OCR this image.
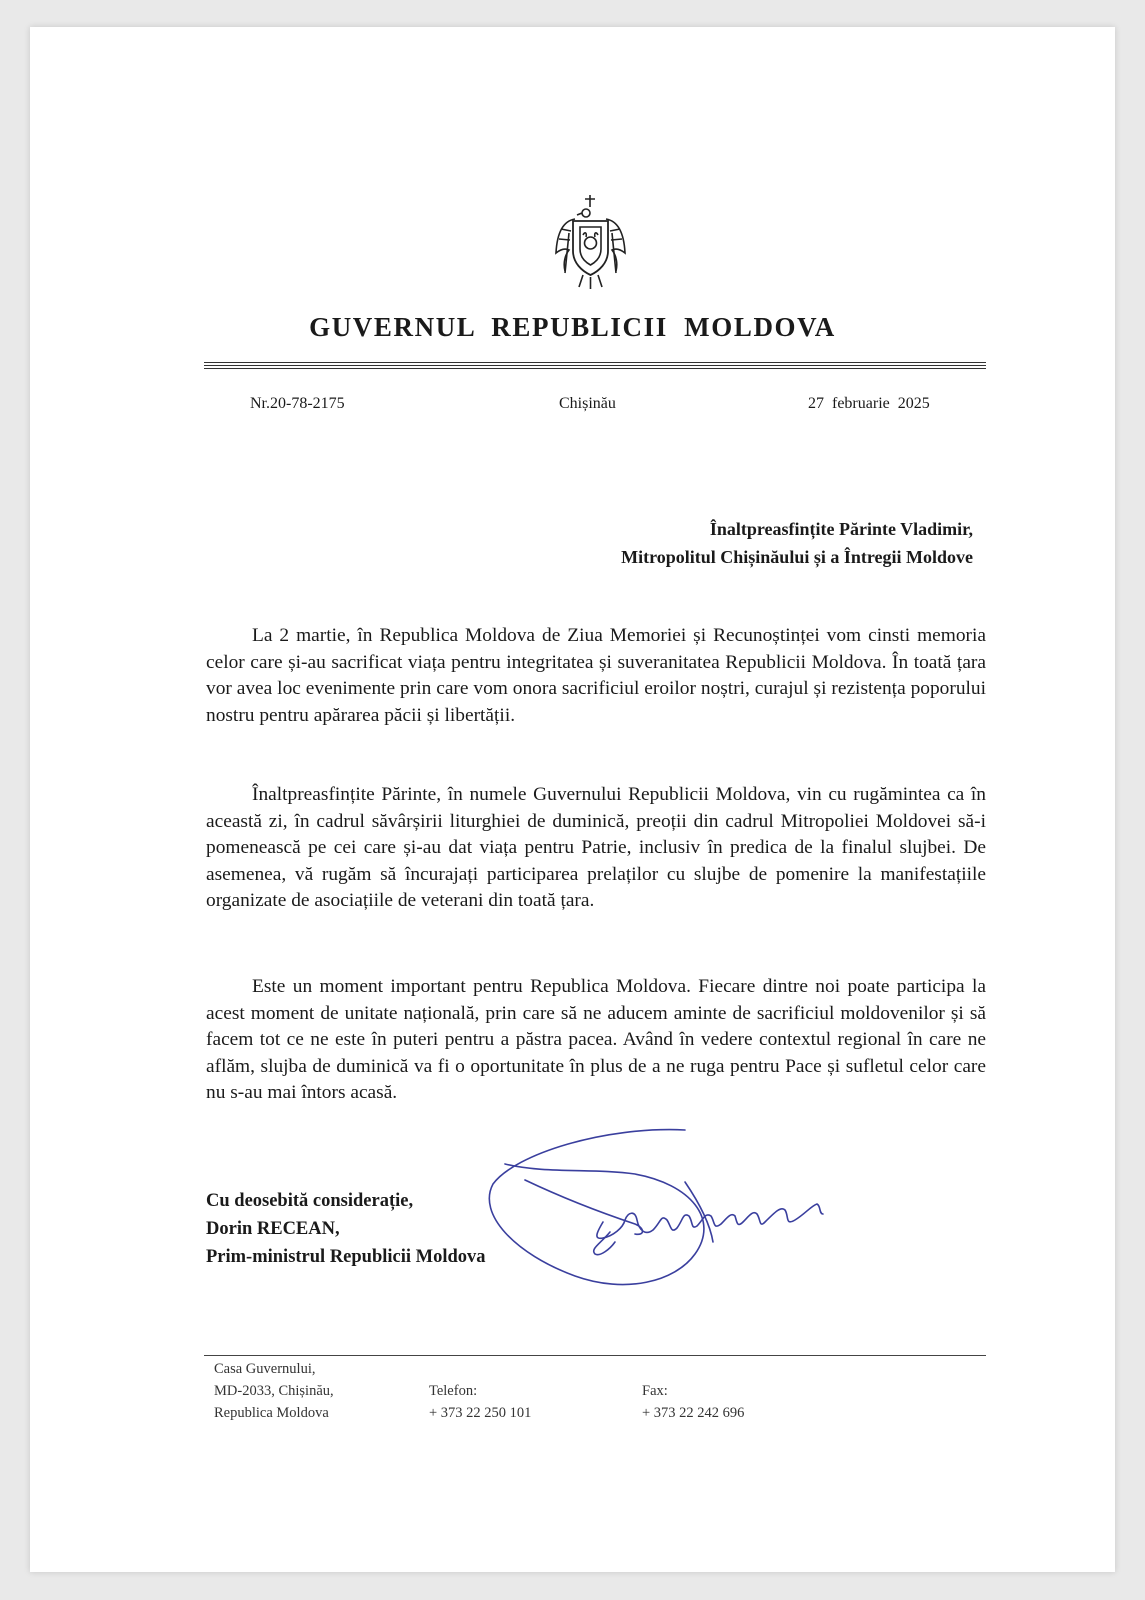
GUVERNUL REPUBLICII MOLDOVA
Nr.20-78-2175	Chișinău	27 februarie 2025
Înaltpreasfințite Părinte Vladimir,
Mitropolitul Chișinăului și a Întregii Moldove

La 2 martie, în Republica Moldova de Ziua Memoriei și Recunoștinței vom cinsti memoria celor care și-au sacrificat viața pentru integritatea și suveranitatea Republicii Moldova. În toată țara vor avea loc evenimente prin care vom onora sacrificiul eroilor noștri, curajul și rezistența poporului nostru pentru apărarea păcii și libertății.

Înaltpreasfințite Părinte, în numele Guvernului Republicii Moldova, vin cu rugămintea ca în această zi, în cadrul săvârșirii liturghiei de duminică, preoții din cadrul Mitropoliei Moldovei să-i pomenească pe cei care și-au dat viața pentru Patrie, inclusiv în predica de la finalul slujbei. De asemenea, vă rugăm să încurajați participarea prelaților cu slujbe de pomenire la manifestațiile organizate de asociațiile de veterani din toată țara.

Este un moment important pentru Republica Moldova. Fiecare dintre noi poate participa la acest moment de unitate națională, prin care să ne aducem aminte de sacrificiul moldovenilor și să facem tot ce ne este în puteri pentru a păstra pacea. Având în vedere contextul regional în care ne aflăm, slujba de duminică va fi o oportunitate în plus de a ne ruga pentru Pace și sufletul celor care nu s-au mai întors acasă.

Cu deosebită considerație,
Dorin RECEAN,
Prim-ministrul Republicii Moldova
Casa Guvernului,
MD-2033, Chișinău,
Republica Moldova
Telefon:
+ 373 22 250 101
Fax:
+ 373 22 242 696
